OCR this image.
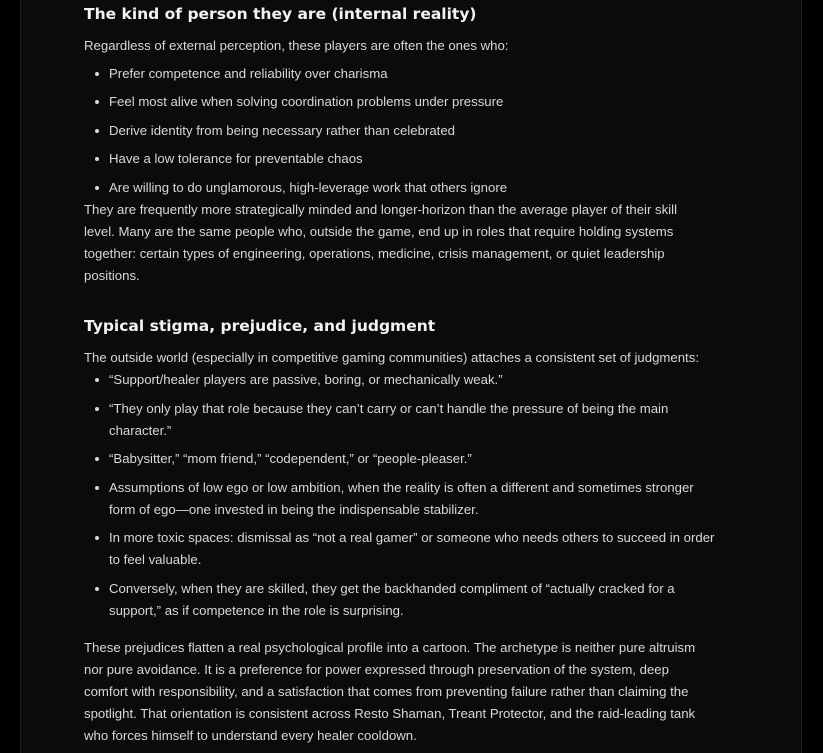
The kind of person they are (internal reality)

Regardless of external perception, these players are often the ones who:

Prefer competence and reliability over charisma
Feel most alive when solving coordination problems under pressure
Derive identity from being necessary rather than celebrated
Have a low tolerance for preventable chaos
Are willing to do unglamorous, high-leverage work that others ignore

They are frequently more strategically minded and longer-horizon than the average player of their skill level. Many are the same people who, outside the game, end up in roles that require holding systems together: certain types of engineering, operations, medicine, crisis management, or quiet leadership positions.

Typical stigma, prejudice, and judgment

The outside world (especially in competitive gaming communities) attaches a consistent set of judgments:

“Support/healer players are passive, boring, or mechanically weak.”
“They only play that role because they can’t carry or can’t handle the pressure of being the main character.”
“Babysitter,” “mom friend,” “codependent,” or “people-pleaser.”
Assumptions of low ego or low ambition, when the reality is often a different and sometimes stronger form of ego—one invested in being the indispensable stabilizer.
In more toxic spaces: dismissal as “not a real gamer” or someone who needs others to succeed in order to feel valuable.
Conversely, when they are skilled, they get the backhanded compliment of “actually cracked for a support,” as if competence in the role is surprising.

These prejudices flatten a real psychological profile into a cartoon. The archetype is neither pure altruism nor pure avoidance. It is a preference for power expressed through preservation of the system, deep comfort with responsibility, and a satisfaction that comes from preventing failure rather than claiming the spotlight. That orientation is consistent across Resto Shaman, Treant Protector, and the raid-leading tank who forces himself to understand every healer cooldown.
